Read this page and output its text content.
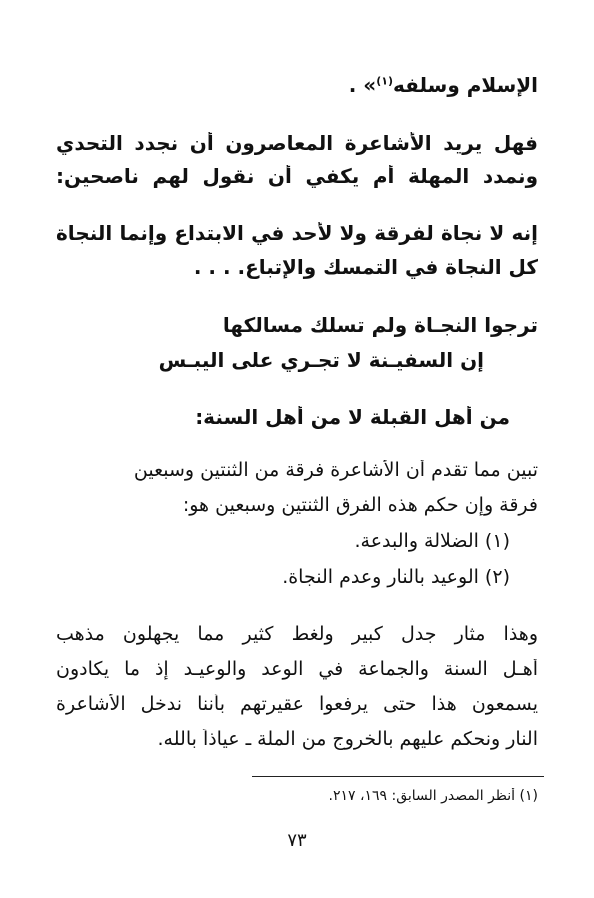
الإسلام وسلفه$^{(١)}$» .
فهل يريد الأشاعرة المعاصرون أن نجدد التحدي
ونمدد المهلة أم يكفي أن نقول لهم ناصحين:
إنه لا نجاة لفرقة ولا لأحد في الابتداع وإنما النجاة
كل النجاة في التمسك والإتباع. . . .
ترجوا النجـاة ولم تسلك مسالكها
إن السفيـنة لا تجـري على اليبـس
من أهل القبلة لا من أهل السنة:
تبين مما تقدم أن الأشاعرة فرقة من الثنتين وسبعين
فرقة وإن حكم هذه الفرق الثنتين وسبعين هو:
(١) الضلالة والبدعة.
(٢) الوعيد بالنار وعدم النجاة.
وهذا مثار جدل كبير ولغط كثير مما يجهلون مذهب
أهـل السنة والجماعة في الوعد والوعيـد إذ ما يكادون
يسمعون هذا حتى يرفعوا عقيرتهم بأننا ندخل الأشاعرة
النار ونحكم عليهم بالخروج من الملة ـ عياذاً بالله.
(١) أنظر المصدر السابق: ١٦٩، ٢١٧.
٧٣
